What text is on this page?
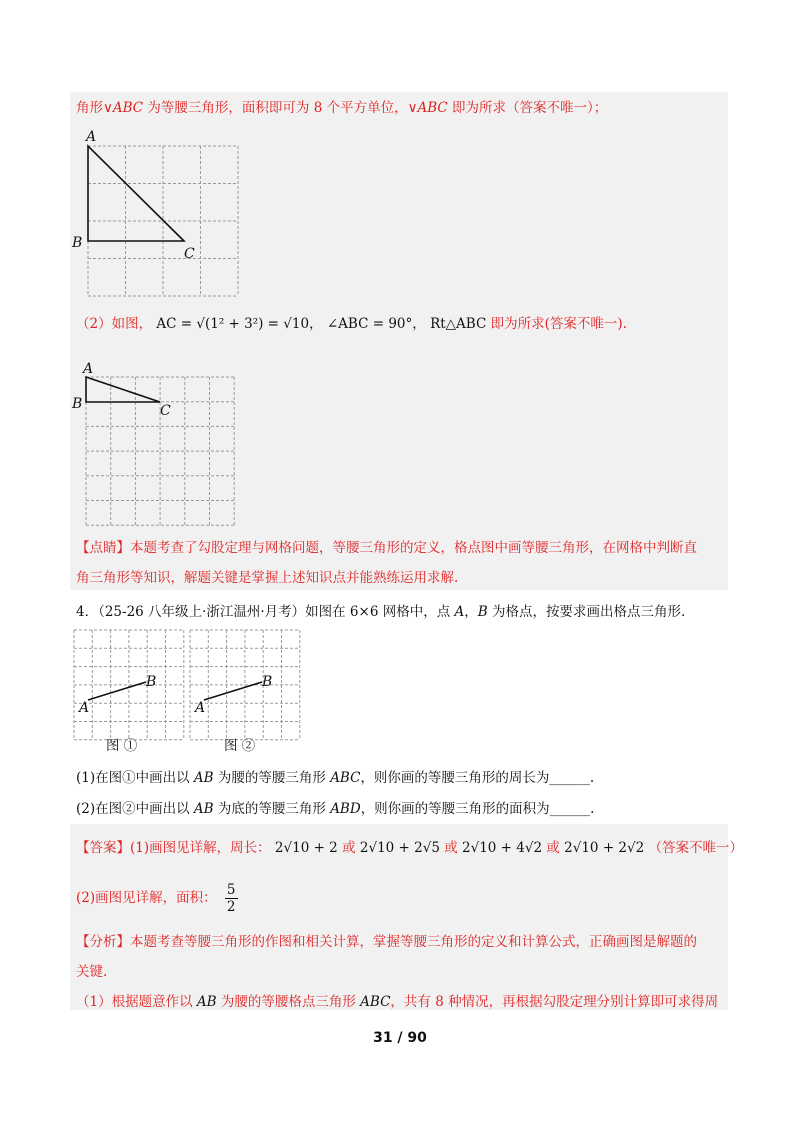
角形∨ABC 为等腰三角形，面积即可为 8 个平方单位，∨ABC 即为所求（答案不唯一）；
A
B
C
（2）如图， AC = √(1² + 3²) = √10， ∠ABC = 90°， Rt△ABC 即为所求(答案不唯一).
A
B	C
【点睛】本题考查了勾股定理与网格问题，等腰三角形的定义，格点图中画等腰三角形，在网格中判断直
角三角形等知识，解题关键是掌握上述知识点并能熟练运用求解.
4．（25-26 八年级上·浙江温州·月考）如图在 6×6 网格中，点 A，B 为格点，按要求画出格点三角形.
A
B
A
B
图 ①	图 ②
(1)在图①中画出以 AB 为腰的等腰三角形 ABC，则你画的等腰三角形的周长为______.
(2)在图②中画出以 AB 为底的等腰三角形 ABD，则你画的等腰三角形的面积为______.
【答案】(1)画图见详解，周长： 2√10 + 2 或 2√10 + 2√5 或 2√10 + 4√2 或 2√10 + 2√2 （答案不唯一）
(2)画图见详解，面积： $\frac{5}{2}$
【分析】本题考查等腰三角形的作图和相关计算，掌握等腰三角形的定义和计算公式，正确画图是解题的
关键.
（1）根据题意作以 AB 为腰的等腰格点三角形 ABC，共有 8 种情况，再根据勾股定理分别计算即可求得周
31 / 90
